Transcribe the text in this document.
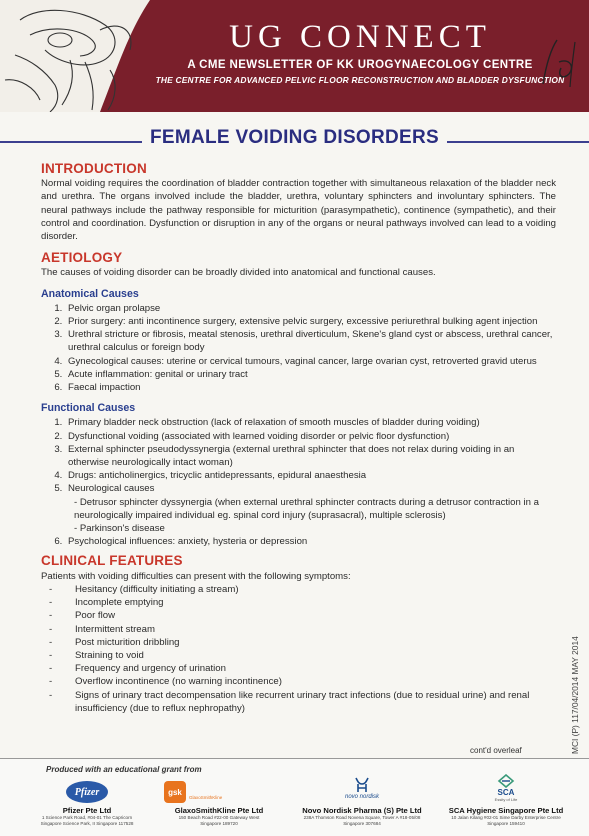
UG CONNECT
A CME NEWSLETTER OF KK UROGYNAECOLOGY CENTRE
THE CENTRE FOR ADVANCED PELVIC FLOOR RECONSTRUCTION AND BLADDER DYSFUNCTION
FEMALE VOIDING DISORDERS
INTRODUCTION
Normal voiding requires the coordination of bladder contraction together with simultaneous relaxation of the bladder neck and urethra. The organs involved include the bladder, urethra, voluntary sphincters and involuntary sphincters. The neural pathways include the pathway responsible for micturition (parasympathetic), continence (sympathetic), and their control and coordination. Dysfunction or disruption in any of the organs or neural pathways involved can lead to a voiding disorder.
AETIOLOGY
The causes of voiding disorder can be broadly divided into anatomical and functional causes.
Anatomical Causes
1. Pelvic organ prolapse
2. Prior surgery: anti incontinence surgery, extensive pelvic surgery, excessive periurethral bulking agent injection
3. Urethral stricture or fibrosis, meatal stenosis, urethral diverticulum, Skene's gland cyst or abscess, urethral cancer, urethral calculus or foreign body
4. Gynecological causes: uterine or cervical tumours, vaginal cancer, large ovarian cyst, retroverted gravid uterus
5. Acute inflammation: genital or urinary tract
6. Faecal impaction
Functional Causes
1. Primary bladder neck obstruction (lack of relaxation of smooth muscles of bladder during voiding)
2. Dysfunctional voiding (associated with learned voiding disorder or pelvic floor dysfunction)
3. External sphincter pseudodyssynergia (external urethral sphincter that does not relax during voiding in an otherwise neurologically intact woman)
4. Drugs: anticholinergics, tricyclic antidepressants, epidural anaesthesia
5. Neurological causes
- Detrusor sphincter dyssynergia (when external urethral sphincter contracts during a detrusor contraction in a neurologically impaired individual eg. spinal cord injury (suprasacral), multiple sclerosis)
- Parkinson's disease
6. Psychological influences: anxiety, hysteria or depression
CLINICAL FEATURES
Patients with voiding difficulties can present with the following symptoms:
- Hesitancy (difficulty initiating a stream)
- Incomplete emptying
- Poor flow
- Intermittent stream
- Post micturition dribbling
- Straining to void
- Frequency and urgency of urination
- Overflow incontinence (no warning incontinence)
- Signs of urinary tract decompensation like recurrent urinary tract infections (due to residual urine) and renal insufficiency (due to reflux nephropathy)
cont'd overleaf	MCI (P) 117/04/2014 MAY 2014
Produced with an educational grant from
Pfizer
Pfizer Pte Ltd
1 Science Park Road, #04-01 The Capricorn
Singapore Science Park, II Singapore 117528
gsk
GlaxoSmithKline
GlaxoSmithKline Pte Ltd
150 Beach Road #22-00 Gateway West
Singapore 189720
novo nordisk
Novo Nordisk Pharma (S) Pte Ltd
238A Thomson Road Novena Square, Tower A #18-05/08
Singapore 307684
SCA
Essity of Life
SCA Hygiene Singapore Pte Ltd
10 Jalan Kilang #02-01 Sime Darby Enterprise Centre
Singapore 159410
